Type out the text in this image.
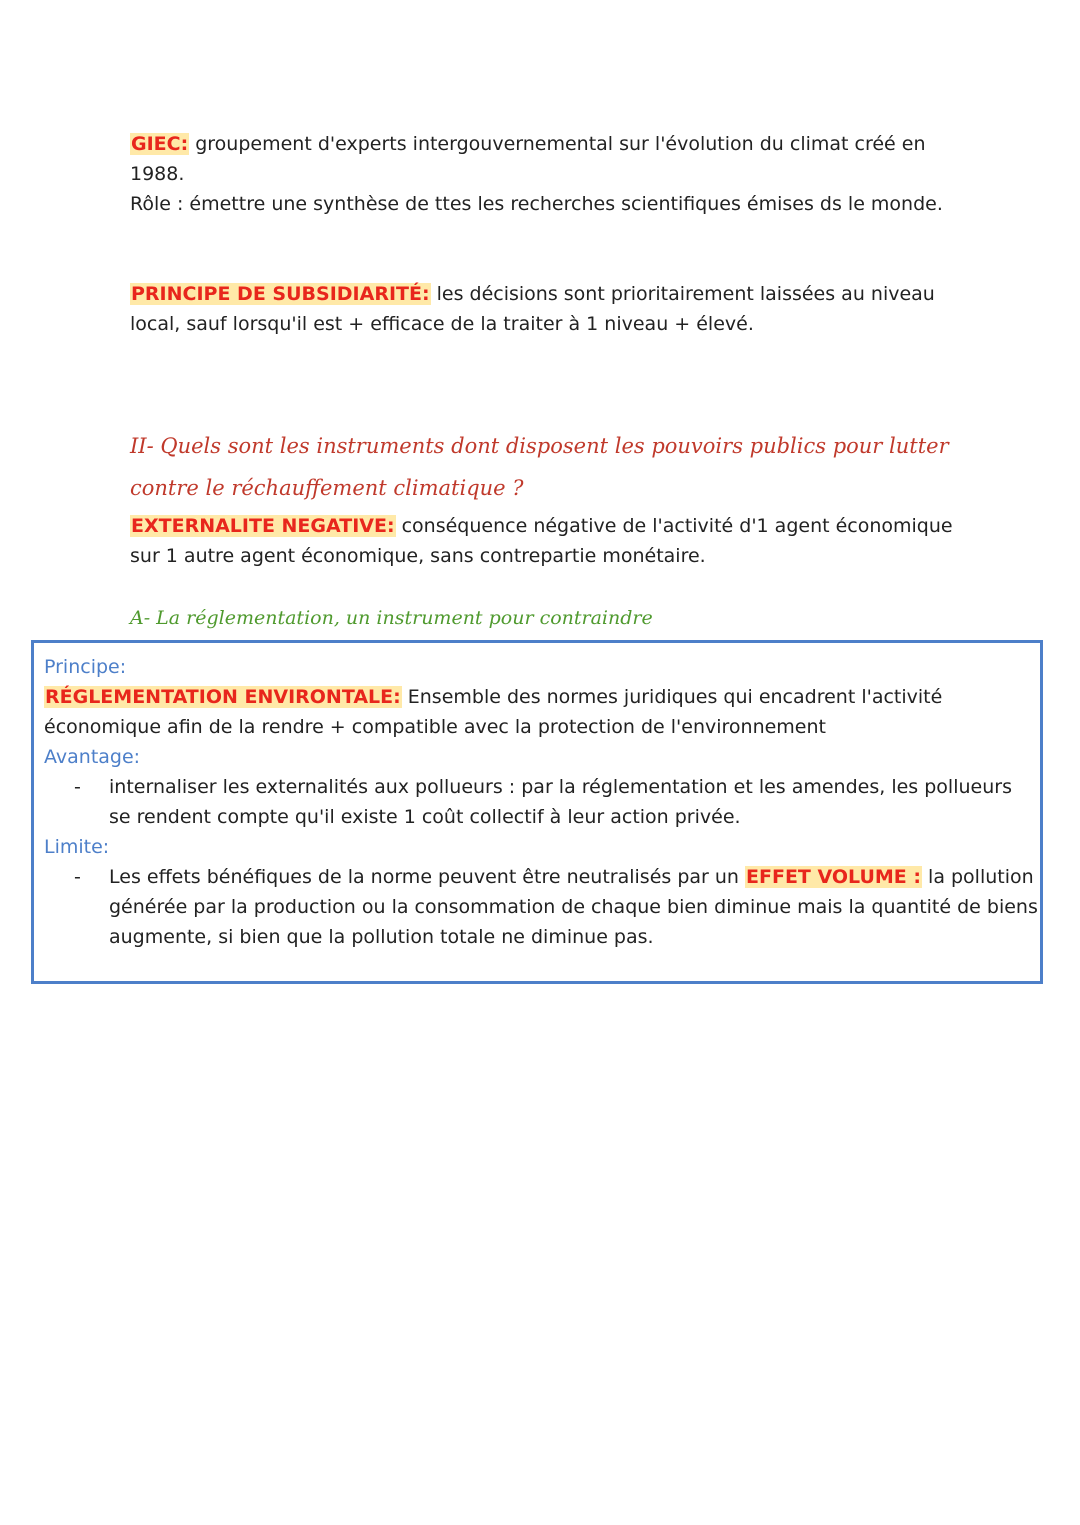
GIEC: groupement d'experts intergouvernemental sur l'évolution du climat créé en 1988.

Rôle : émettre une synthèse de ttes les recherches scientifiques émises ds le monde.

PRINCIPE DE SUBSIDIARITÉ: les décisions sont prioritairement laissées au niveau local, sauf lorsqu'il est + efficace de la traiter à 1 niveau + élevé.

II- Quels sont les instruments dont disposent les pouvoirs publics pour lutter contre le réchauffement climatique ?

EXTERNALITE NEGATIVE: conséquence négative de l'activité d'1 agent économique sur 1 autre agent économique, sans contrepartie monétaire.

A- La réglementation, un instrument pour contraindre

Principe:

RÉGLEMENTATION ENVIRONTALE: Ensemble des normes juridiques qui encadrent l'activité économique afin de la rendre + compatible avec la protection de l'environnement

Avantage:

- internaliser les externalités aux pollueurs : par la réglementation et les amendes, les pollueurs se rendent compte qu'il existe 1 coût collectif à leur action privée.

Limite:

- Les effets bénéfiques de la norme peuvent être neutralisés par un EFFET VOLUME : la pollution générée par la production ou la consommation de chaque bien diminue mais la quantité de biens augmente, si bien que la pollution totale ne diminue pas.
